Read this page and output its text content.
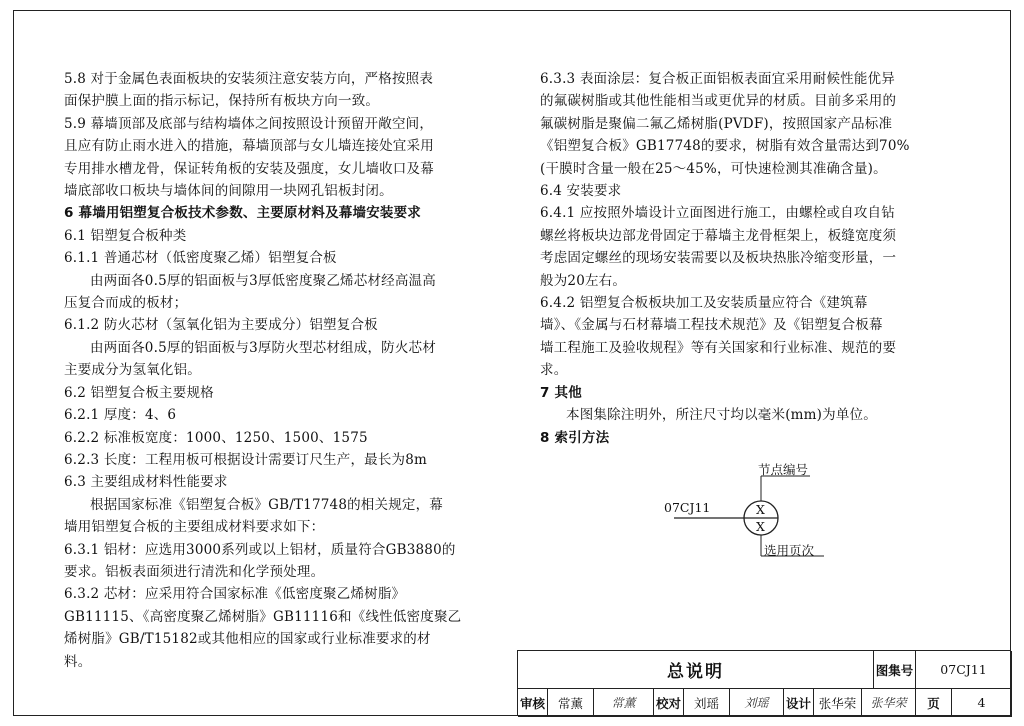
5.8 对于金属色表面板块的安装须注意安装方向，严格按照表

面保护膜上面的指示标记，保持所有板块方向一致。

5.9 幕墙顶部及底部与结构墙体之间按照设计预留开敞空间，

且应有防止雨水进入的措施，幕墙顶部与女儿墙连接处宜采用

专用排水槽龙骨，保证转角板的安装及强度，女儿墙收口及幕

墙底部收口板块与墙体间的间隙用一块网孔铝板封闭。

6 幕墙用铝塑复合板技术参数、主要原材料及幕墙安装要求

6.1 铝塑复合板种类

6.1.1 普通芯材（低密度聚乙烯）铝塑复合板

由两面各0.5厚的铝面板与3厚低密度聚乙烯芯材经高温高

压复合而成的板材；

6.1.2 防火芯材（氢氧化铝为主要成分）铝塑复合板

由两面各0.5厚的铝面板与3厚防火型芯材组成，防火芯材

主要成分为氢氧化铝。

6.2 铝塑复合板主要规格

6.2.1 厚度：4、6

6.2.2 标准板宽度：1000、1250、1500、1575

6.2.3 长度：工程用板可根据设计需要订尺生产，最长为8m

6.3 主要组成材料性能要求

根据国家标准《铝塑复合板》GB/T17748的相关规定，幕

墙用铝塑复合板的主要组成材料要求如下：

6.3.1 铝材：应选用3000系列或以上铝材，质量符合GB3880的

要求。铝板表面须进行清洗和化学预处理。

6.3.2 芯材：应采用符合国家标准《低密度聚乙烯树脂》

GB11115、《高密度聚乙烯树脂》GB11116和《线性低密度聚乙

烯树脂》GB/T15182或其他相应的国家或行业标准要求的材

料。

6.3.3 表面涂层：复合板正面铝板表面宜采用耐候性能优异

的氟碳树脂或其他性能相当或更优异的材质。目前多采用的

氟碳树脂是聚偏二氟乙烯树脂(PVDF)，按照国家产品标准

《铝塑复合板》GB17748的要求，树脂有效含量需达到70%

(干膜时含量一般在25～45%，可快速检测其准确含量)。

6.4 安装要求

6.4.1 应按照外墙设计立面图进行施工，由螺栓或自攻自钻

螺丝将板块边部龙骨固定于幕墙主龙骨框架上，板缝宽度须

考虑固定螺丝的现场安装需要以及板块热胀冷缩变形量，一

般为20左右。

6.4.2 铝塑复合板板块加工及安装质量应符合《建筑幕

墙》、《金属与石材幕墙工程技术规范》及《铝塑复合板幕

墙工程施工及验收规程》等有关国家和行业标准、规范的要

求。

7 其他

本图集除注明外，所注尺寸均以毫米(mm)为单位。

8 索引方法

节点编号
07CJ11	X
X
选用页次
总说明	图集号	07CJ11
审核	常薰	常薰	校对	刘瑶	刘瑶	设计 张华荣	张华荣	页	4
